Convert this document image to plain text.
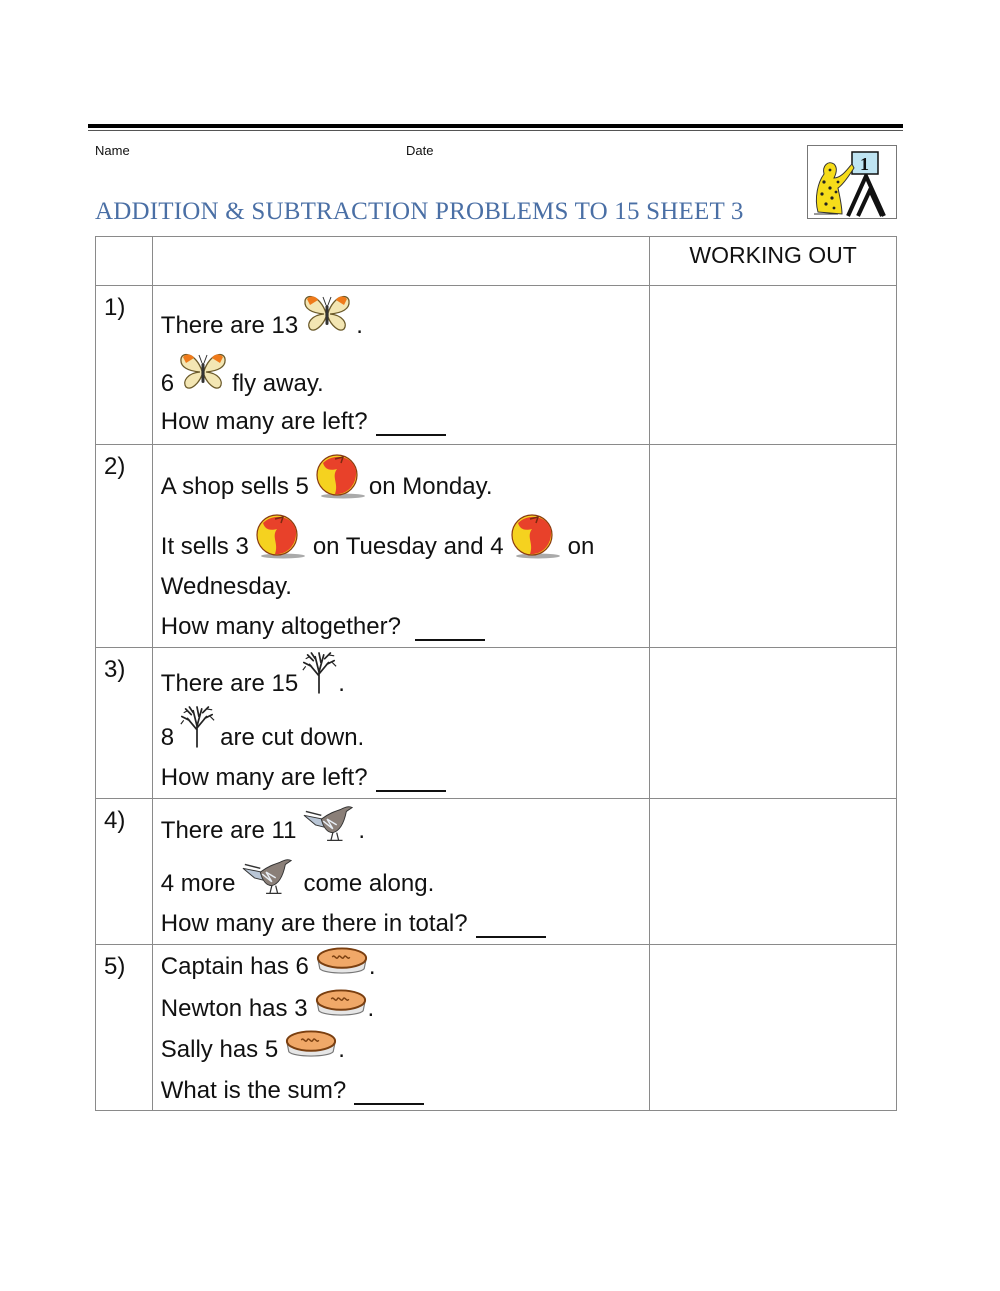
Name	Date
1
ADDITION & SUBTRACTION PROBLEMS TO 15 SHEET 3
		WORKING OUT
1)	There are 13 .
6 fly away.
How many are left?	

2)	
A shop sells 5	on Monday.
It sells 3	on Tuesday and 4	on
Wednesday.
How many altogether?

3)	There are 15 .
8 are cut down.
How many are left?	

4)	There are 11 .
4 more come along.
How many are there in total?	

5)	Captain has 6	.
Newton has 3	.
Sally has 5	.
What is the sum?
